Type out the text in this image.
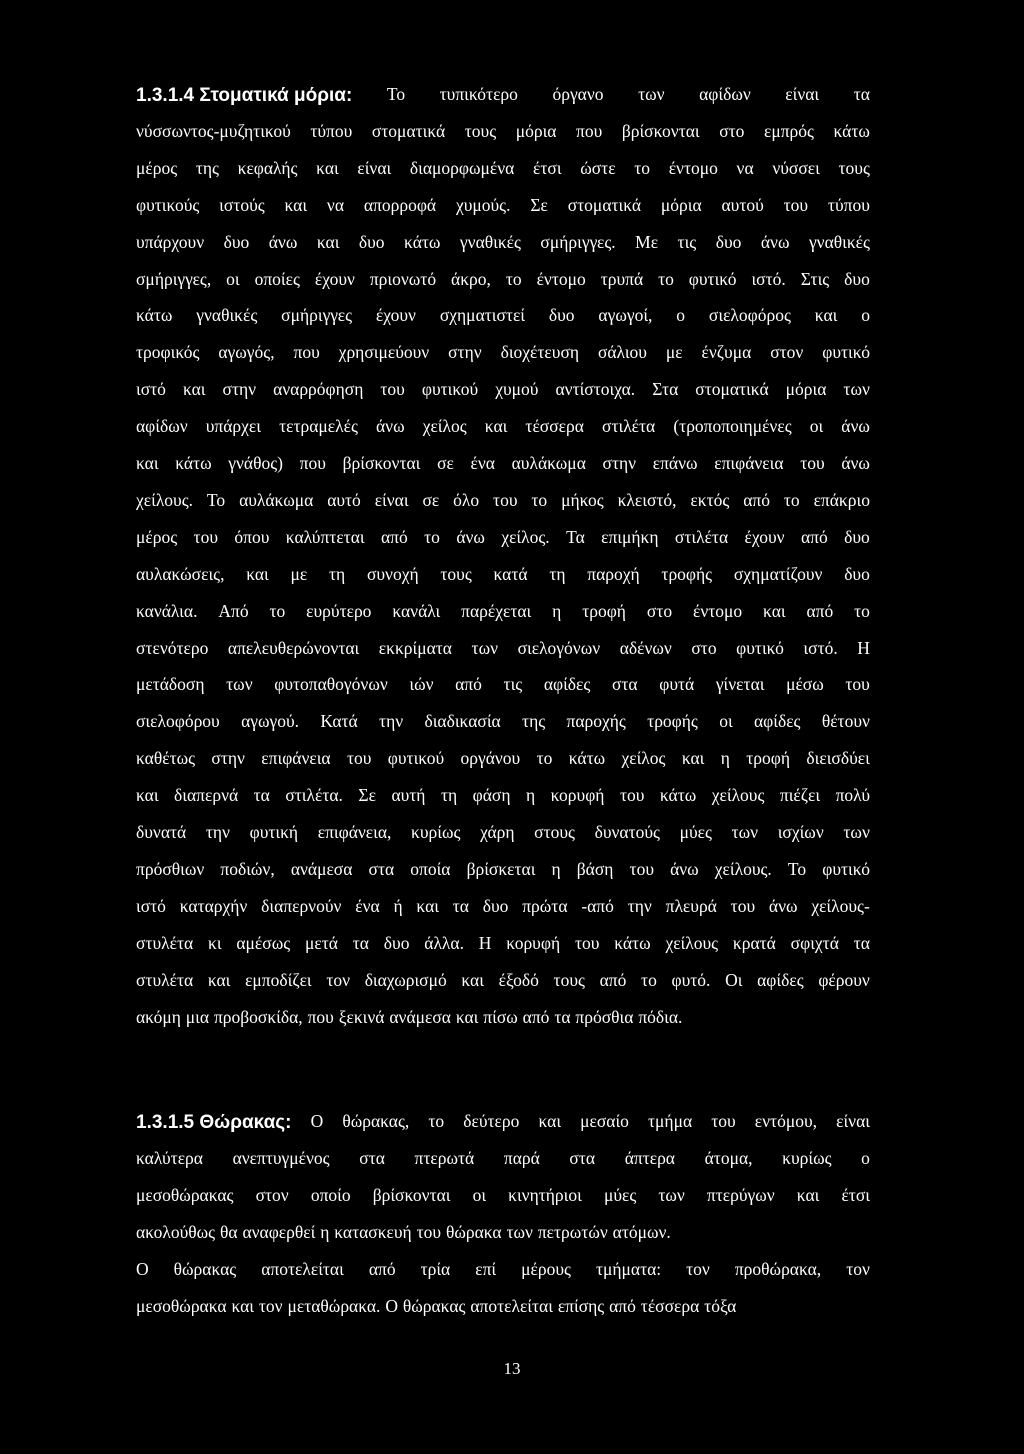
1.3.1.4 Στοματικά μόρια: Το τυπικότερο όργανο των αφίδων είναι τα
νύσσωντος-μυζητικού τύπου στοματικά τους μόρια που βρίσκονται στο εμπρός κάτω
μέρος της κεφαλής και είναι διαμορφωμένα έτσι ώστε το έντομο να νύσσει τους
φυτικούς ιστούς και να απορροφά χυμούς. Σε στοματικά μόρια αυτού του τύπου
υπάρχουν δυο άνω και δυο κάτω γναθικές σμήριγγες. Με τις δυο άνω γναθικές
σμήριγγες, οι οποίες έχουν πριονωτό άκρο, το έντομο τρυπά το φυτικό ιστό. Στις δυο
κάτω γναθικές σμήριγγες έχουν σχηματιστεί δυο αγωγοί, ο σιελοφόρος και ο
τροφικός αγωγός, που χρησιμεύουν στην διοχέτευση σάλιου με ένζυμα στον φυτικό
ιστό και στην αναρρόφηση του φυτικού χυμού αντίστοιχα. Στα στοματικά μόρια των
αφίδων υπάρχει τετραμελές άνω χείλος και τέσσερα στιλέτα (τροποποιημένες οι άνω
και κάτω γνάθος) που βρίσκονται σε ένα αυλάκωμα στην επάνω επιφάνεια του άνω
χείλους. Το αυλάκωμα αυτό είναι σε όλο του το μήκος κλειστό, εκτός από το επάκριο
μέρος του όπου καλύπτεται από το άνω χείλος. Τα επιμήκη στιλέτα έχουν από δυο
αυλακώσεις, και με τη συνοχή τους κατά τη παροχή τροφής σχηματίζουν δυο
κανάλια. Από το ευρύτερο κανάλι παρέχεται η τροφή στο έντομο και από το
στενότερο απελευθερώνονται εκκρίματα των σιελογόνων αδένων στο φυτικό ιστό. Η
μετάδοση των φυτοπαθογόνων ιών από τις αφίδες στα φυτά γίνεται μέσω του
σιελοφόρου αγωγού. Κατά την διαδικασία της παροχής τροφής οι αφίδες θέτουν
καθέτως στην επιφάνεια του φυτικού οργάνου το κάτω χείλος και η τροφή διεισδύει
και διαπερνά τα στιλέτα. Σε αυτή τη φάση η κορυφή του κάτω χείλους πιέζει πολύ
δυνατά την φυτική επιφάνεια, κυρίως χάρη στους δυνατούς μύες των ισχίων των
πρόσθιων ποδιών, ανάμεσα στα οποία βρίσκεται η βάση του άνω χείλους. Το φυτικό
ιστό καταρχήν διαπερνούν ένα ή και τα δυο πρώτα -από την πλευρά του άνω χείλους-
στυλέτα κι αμέσως μετά τα δυο άλλα. Η κορυφή του κάτω χείλους κρατά σφιχτά τα
στυλέτα και εμποδίζει τον διαχωρισμό και έξοδό τους από το φυτό. Οι αφίδες φέρουν
ακόμη μια προβοσκίδα, που ξεκινά ανάμεσα και πίσω από τα πρόσθια πόδια.
1.3.1.5 Θώρακας: Ο θώρακας, το δεύτερο και μεσαίο τμήμα του εντόμου, είναι
καλύτερα ανεπτυγμένος στα πτερωτά παρά στα άπτερα άτομα, κυρίως ο
μεσοθώρακας στον οποίο βρίσκονται οι κινητήριοι μύες των πτερύγων και έτσι
ακολούθως θα αναφερθεί η κατασκευή του θώρακα των πετρωτών ατόμων.
Ο θώρακας αποτελείται από τρία επί μέρους τμήματα: τον προθώρακα, τον
μεσοθώρακα και τον μεταθώρακα. Ο θώρακας αποτελείται επίσης από τέσσερα τόξα
13
